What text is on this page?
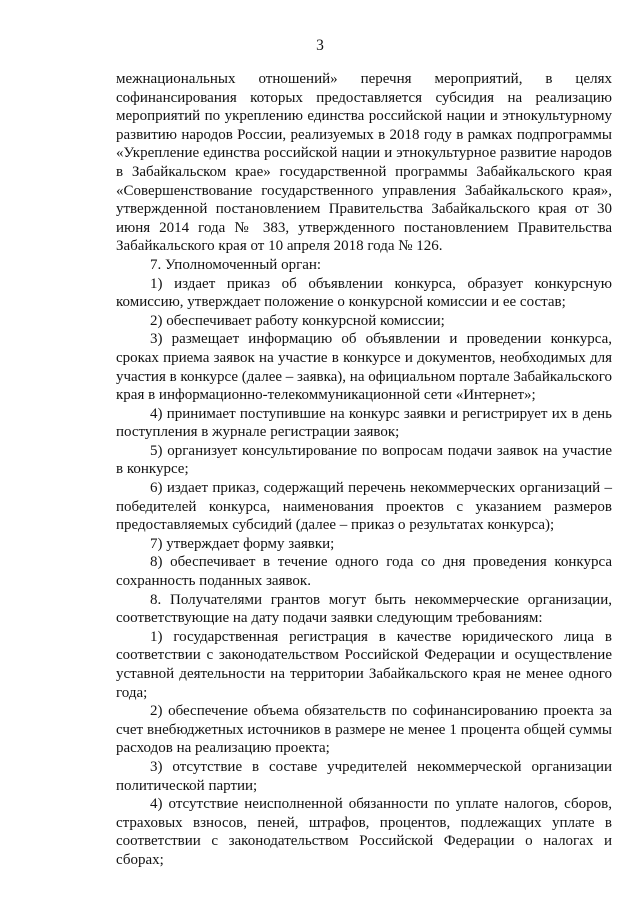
3

межнациональных отношений» перечня мероприятий, в целях софинансирования которых предоставляется субсидия на реализацию мероприятий по укреплению единства российской нации и этнокультурному развитию народов России, реализуемых в 2018 году в рамках подпрограммы «Укрепление единства российской нации и этнокультурное развитие народов в Забайкальском крае» государственной программы Забайкальского края «Совершенствование государственного управления Забайкальского края», утвержденной постановлением Правительства Забайкальского края от 30 июня 2014 года № 383, утвержденного постановлением Правительства Забайкальского края от 10 апреля 2018 года № 126.

7. Уполномоченный орган:

1) издает приказ об объявлении конкурса, образует конкурсную комиссию, утверждает положение о конкурсной комиссии и ее состав;

2) обеспечивает работу конкурсной комиссии;

3) размещает информацию об объявлении и проведении конкурса, сроках приема заявок на участие в конкурсе и документов, необходимых для участия в конкурсе (далее – заявка), на официальном портале Забайкальского края в информационно-телекоммуникационной сети «Интернет»;

4) принимает поступившие на конкурс заявки и регистрирует их в день поступления в журнале регистрации заявок;

5) организует консультирование по вопросам подачи заявок на участие в конкурсе;

6) издает приказ, содержащий перечень некоммерческих организаций – победителей конкурса, наименования проектов с указанием размеров предоставляемых субсидий (далее – приказ о результатах конкурса);

7) утверждает форму заявки;

8) обеспечивает в течение одного года со дня проведения конкурса сохранность поданных заявок.

8. Получателями грантов могут быть некоммерческие организации, соответствующие на дату подачи заявки следующим требованиям:

1) государственная регистрация в качестве юридического лица в соответствии с законодательством Российской Федерации и осуществление уставной деятельности на территории Забайкальского края не менее одного года;

2) обеспечение объема обязательств по софинансированию проекта за счет внебюджетных источников в размере не менее 1 процента общей суммы расходов на реализацию проекта;

3) отсутствие в составе учредителей некоммерческой организации политической партии;

4) отсутствие неисполненной обязанности по уплате налогов, сборов, страховых взносов, пеней, штрафов, процентов, подлежащих уплате в соответствии с законодательством Российской Федерации о налогах и сборах;
